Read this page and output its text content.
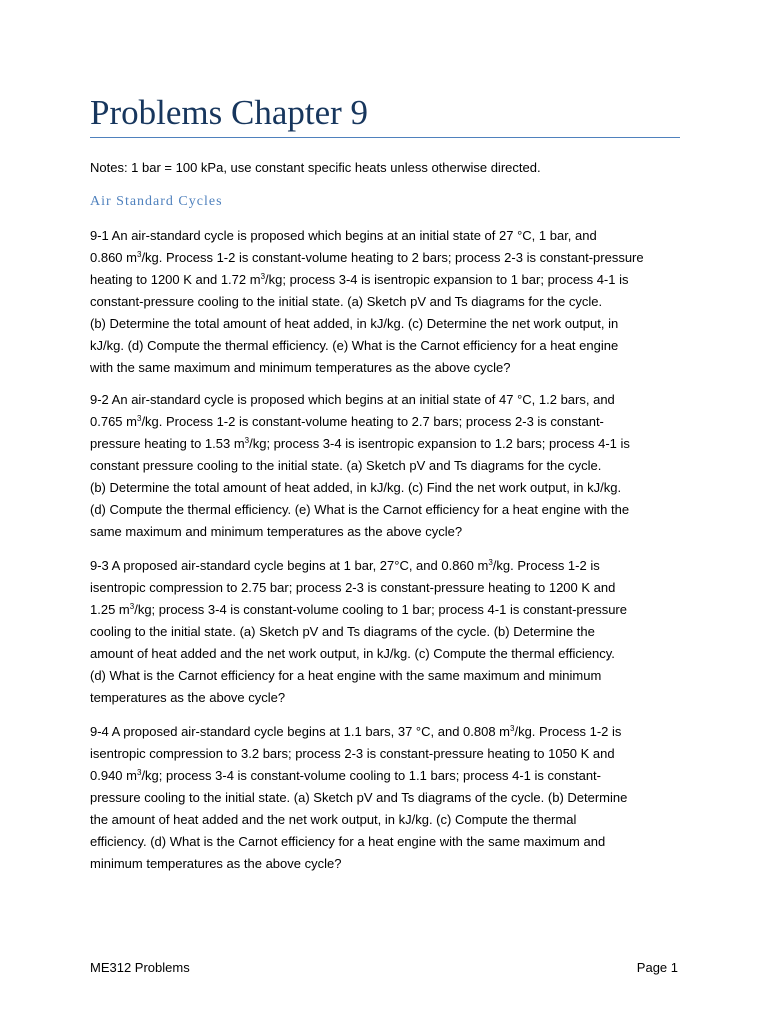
Problems Chapter 9

Notes: 1 bar = 100 kPa, use constant specific heats unless otherwise directed.

Air Standard Cycles
9-1 An air-standard cycle is proposed which begins at an initial state of 27 °C, 1 bar, and
0.860 $m^3/kg$. Process 1-2 is constant-volume heating to 2 bars; process 2-3 is constant-pressure
heating to 1200 K and 1.72 $m^3/kg$; process 3-4 is isentropic expansion to 1 bar; process 4-1 is
constant-pressure cooling to the initial state. (a) Sketch pV and Ts diagrams for the cycle.
(b) Determine the total amount of heat added, in kJ/kg. (c) Determine the net work output, in
kJ/kg. (d) Compute the thermal efficiency. (e) What is the Carnot efficiency for a heat engine
with the same maximum and minimum temperatures as the above cycle?
9-2 An air-standard cycle is proposed which begins at an initial state of 47 °C, 1.2 bars, and
0.765 $m^3/kg$. Process 1-2 is constant-volume heating to 2.7 bars; process 2-3 is constant-
pressure heating to 1.53 $m^3/kg$; process 3-4 is isentropic expansion to 1.2 bars; process 4-1 is
constant pressure cooling to the initial state. (a) Sketch pV and Ts diagrams for the cycle.
(b) Determine the total amount of heat added, in kJ/kg. (c) Find the net work output, in kJ/kg.
(d) Compute the thermal efficiency. (e) What is the Carnot efficiency for a heat engine with the
same maximum and minimum temperatures as the above cycle?
9-3 A proposed air-standard cycle begins at 1 bar, 27°C, and 0.860 $m^3/kg$. Process 1-2 is
isentropic compression to 2.75 bar; process 2-3 is constant-pressure heating to 1200 K and
1.25 $m^3/kg$; process 3-4 is constant-volume cooling to 1 bar; process 4-1 is constant-pressure
cooling to the initial state. (a) Sketch pV and Ts diagrams of the cycle. (b) Determine the
amount of heat added and the net work output, in kJ/kg. (c) Compute the thermal efficiency.
(d) What is the Carnot efficiency for a heat engine with the same maximum and minimum
temperatures as the above cycle?
9-4 A proposed air-standard cycle begins at 1.1 bars, 37 °C, and 0.808 $m^3/kg$. Process 1-2 is
isentropic compression to 3.2 bars; process 2-3 is constant-pressure heating to 1050 K and
0.940 $m^3/kg$; process 3-4 is constant-volume cooling to 1.1 bars; process 4-1 is constant-
pressure cooling to the initial state. (a) Sketch pV and Ts diagrams of the cycle. (b) Determine
the amount of heat added and the net work output, in kJ/kg. (c) Compute the thermal
efficiency. (d) What is the Carnot efficiency for a heat engine with the same maximum and
minimum temperatures as the above cycle?
ME312 Problems	Page 1
